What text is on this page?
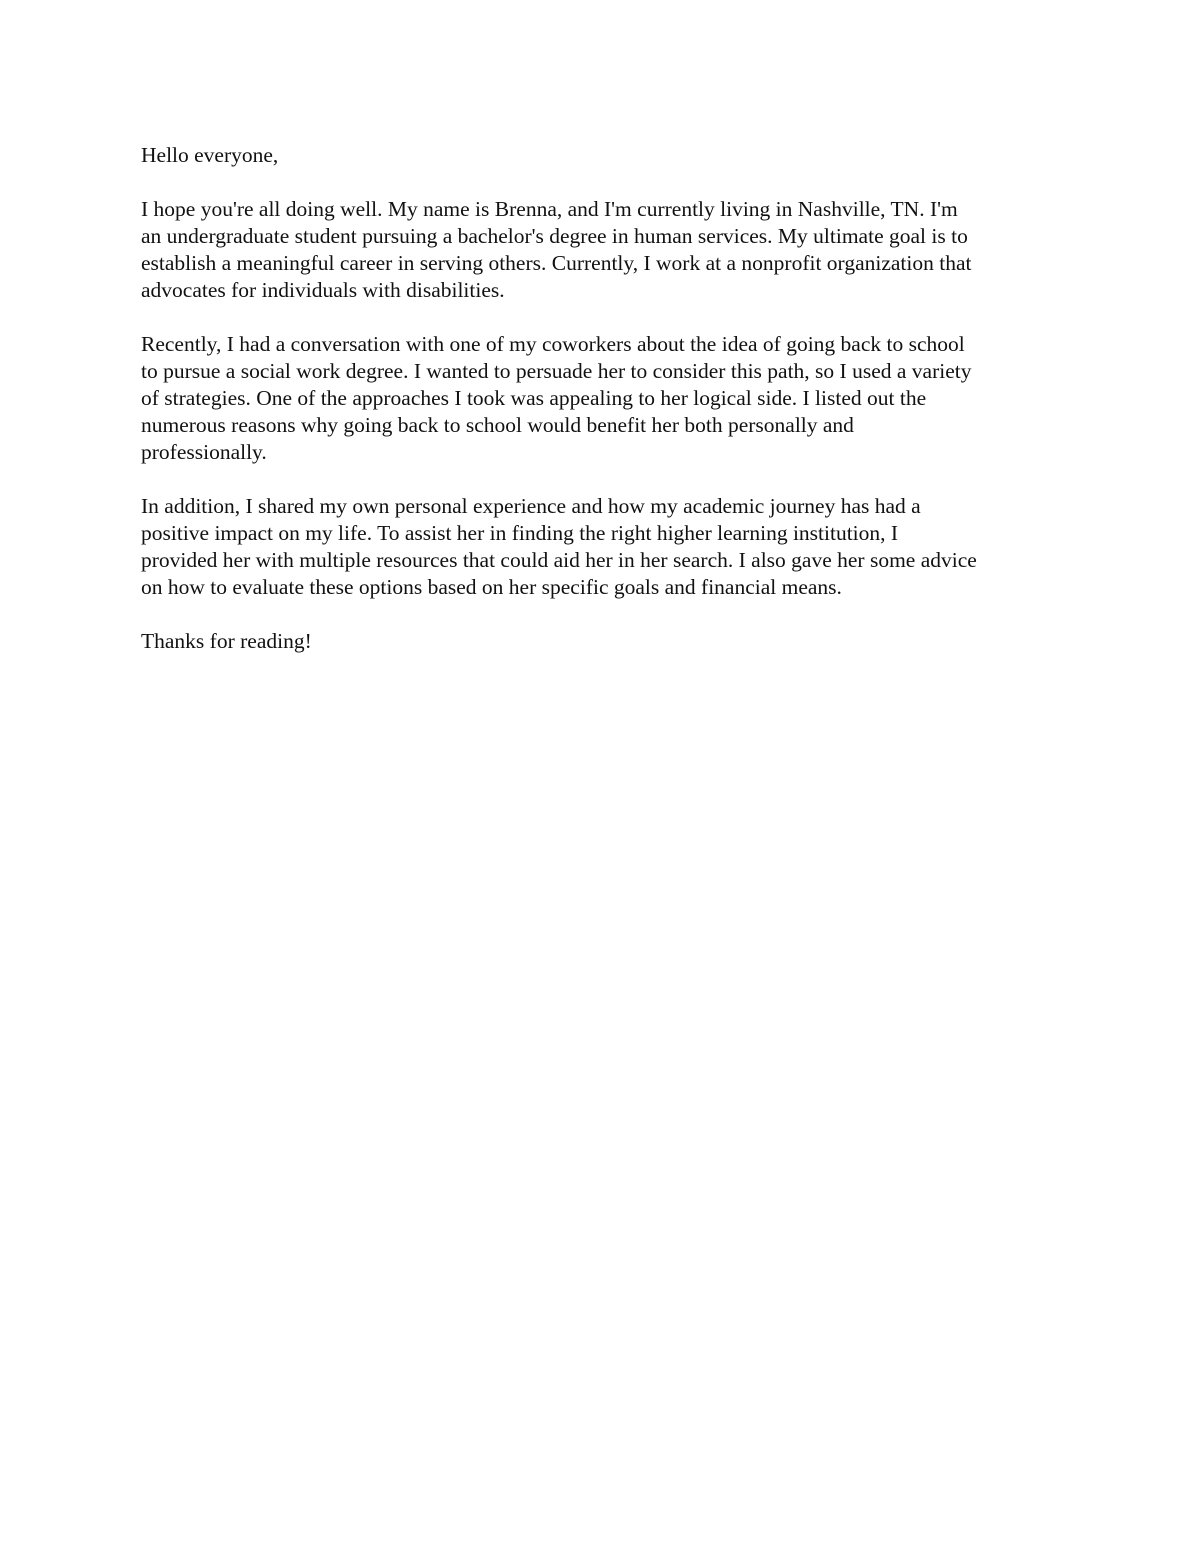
Hello everyone,

I hope you're all doing well. My name is Brenna, and I'm currently living in Nashville, TN. I'm
an undergraduate student pursuing a bachelor's degree in human services. My ultimate goal is to
establish a meaningful career in serving others. Currently, I work at a nonprofit organization that
advocates for individuals with disabilities.

Recently, I had a conversation with one of my coworkers about the idea of going back to school
to pursue a social work degree. I wanted to persuade her to consider this path, so I used a variety
of strategies. One of the approaches I took was appealing to her logical side. I listed out the
numerous reasons why going back to school would benefit her both personally and
professionally.

In addition, I shared my own personal experience and how my academic journey has had a
positive impact on my life. To assist her in finding the right higher learning institution, I
provided her with multiple resources that could aid her in her search. I also gave her some advice
on how to evaluate these options based on her specific goals and financial means.

Thanks for reading!
